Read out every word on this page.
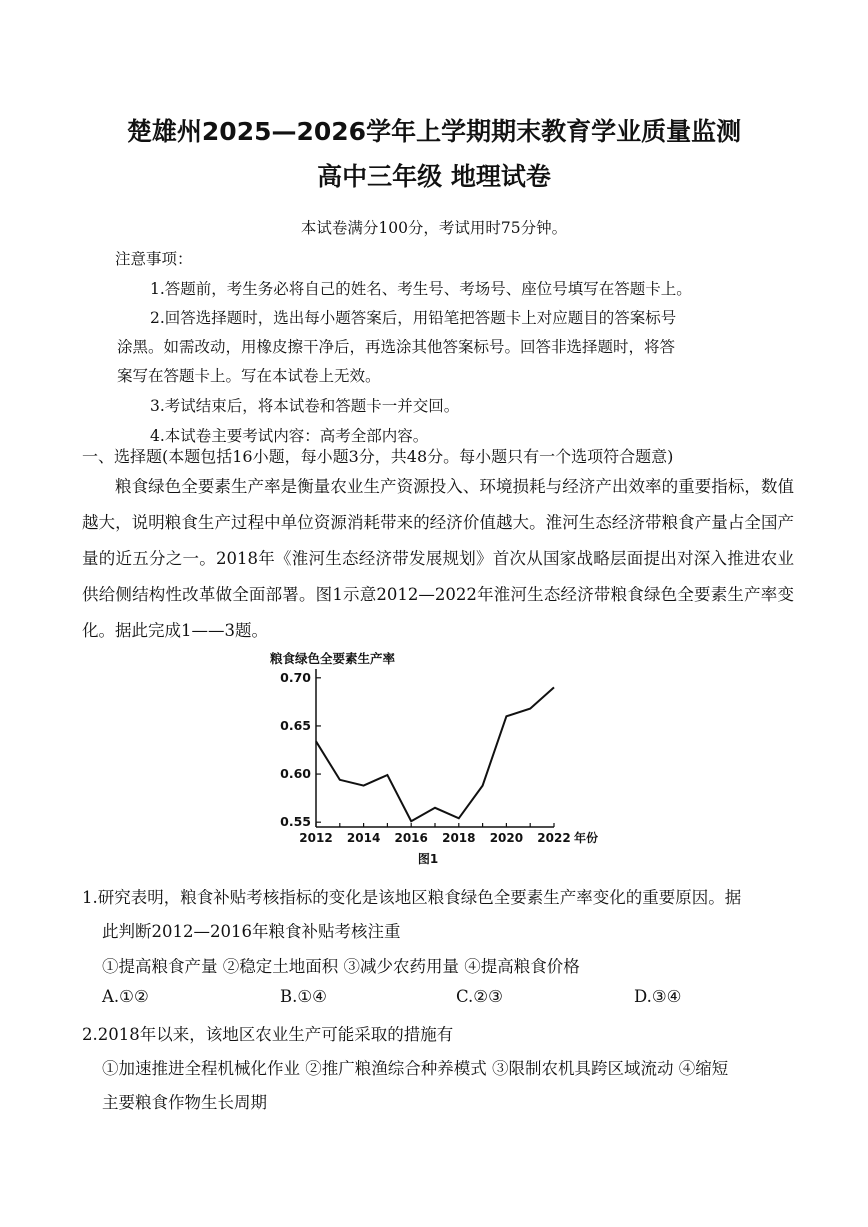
楚雄州2025—2026学年上学期期末教育学业质量监测
高中三年级 地理试卷
本试卷满分100分，考试用时75分钟。
注意事项：
1.答题前，考生务必将自己的姓名、考生号、考场号、座位号填写在答题卡上。
2.回答选择题时，选出每小题答案后，用铅笔把答题卡上对应题目的答案标号
涂黑。如需改动，用橡皮擦干净后，再选涂其他答案标号。回答非选择题时，将答
案写在答题卡上。写在本试卷上无效。
3.考试结束后，将本试卷和答题卡一并交回。
4.本试卷主要考试内容：高考全部内容。
一、选择题(本题包括16小题，每小题3分，共48分。每小题只有一个选项符合题意)

粮食绿色全要素生产率是衡量农业生产资源投入、环境损耗与经济产出效率的重要指标，数值越大，说明粮食生产过程中单位资源消耗带来的经济价值越大。淮河生态经济带粮食产量占全国产量的近五分之一。2018年《淮河生态经济带发展规划》首次从国家战略层面提出对深入推进农业供给侧结构性改革做全面部署。图1示意2012—2022年淮河生态经济带粮食绿色全要素生产率变化。据此完成1——3题。

粮食绿色全要素生产率
0.55
0.60
0.65
0.70
2012 2014 2016 2018 2020 2022 年份
图1
1.研究表明，粮食补贴考核指标的变化是该地区粮食绿色全要素生产率变化的重要原因。据
此判断2012—2016年粮食补贴考核注重
①提高粮食产量 ②稳定土地面积 ③减少农药用量 ④提高粮食价格
A.①②	B.①④	C.②③	D.③④
2.2018年以来，该地区农业生产可能采取的措施有
①加速推进全程机械化作业 ②推广粮渔综合种养模式 ③限制农机具跨区域流动 ④缩短
主要粮食作物生长周期
